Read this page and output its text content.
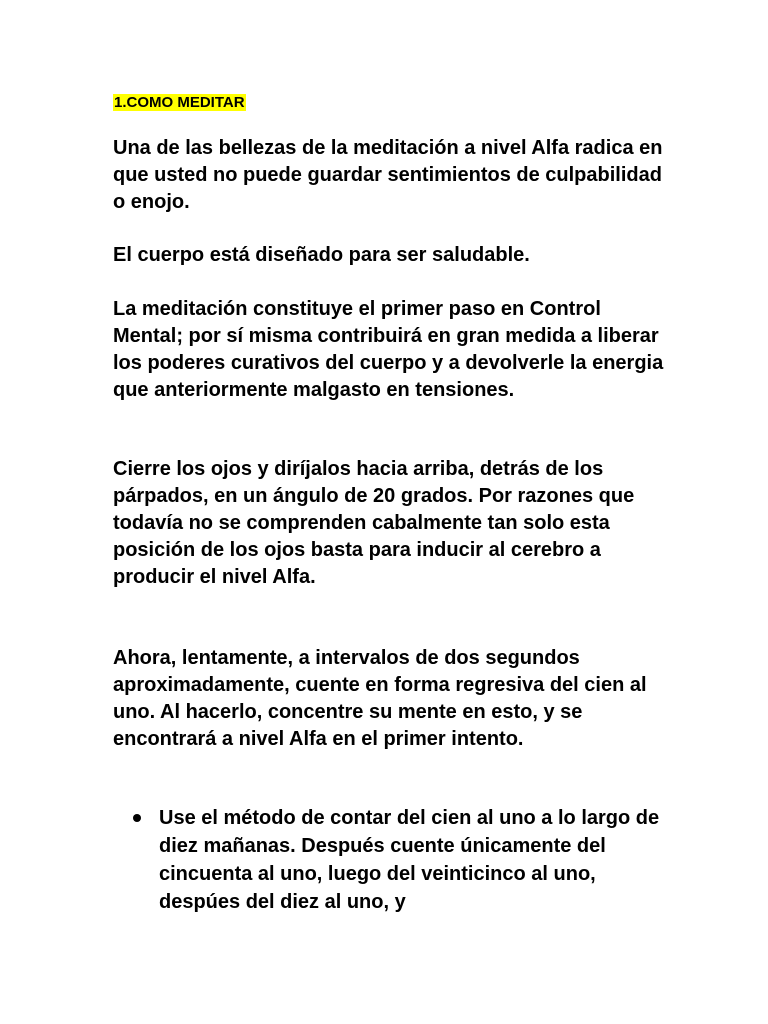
1.COMO MEDITAR

Una de las bellezas de la meditación a nivel Alfa radica en que usted no puede guardar sentimientos de culpabilidad o enojo.

El cuerpo está diseñado para ser saludable.

La meditación constituye el primer paso en Control Mental; por sí misma contribuirá en gran medida a liberar los poderes curativos del cuerpo y a devolverle la energia que anteriormente malgasto en tensiones.

Cierre los ojos y diríjalos hacia arriba, detrás de los párpados, en un ángulo de 20 grados. Por razones que todavía no se comprenden cabalmente tan solo esta posición de los ojos basta para inducir al cerebro a producir el nivel Alfa.

Ahora, lentamente, a intervalos de dos segundos aproximadamente, cuente en forma regresiva del cien al uno. Al hacerlo, concentre su mente en esto, y se encontrará a nivel Alfa en el primer intento.

Use el método de contar del cien al uno a lo largo de diez mañanas. Después cuente únicamente del cincuenta al uno, luego del veinticinco al uno, despúes del diez al uno, y
